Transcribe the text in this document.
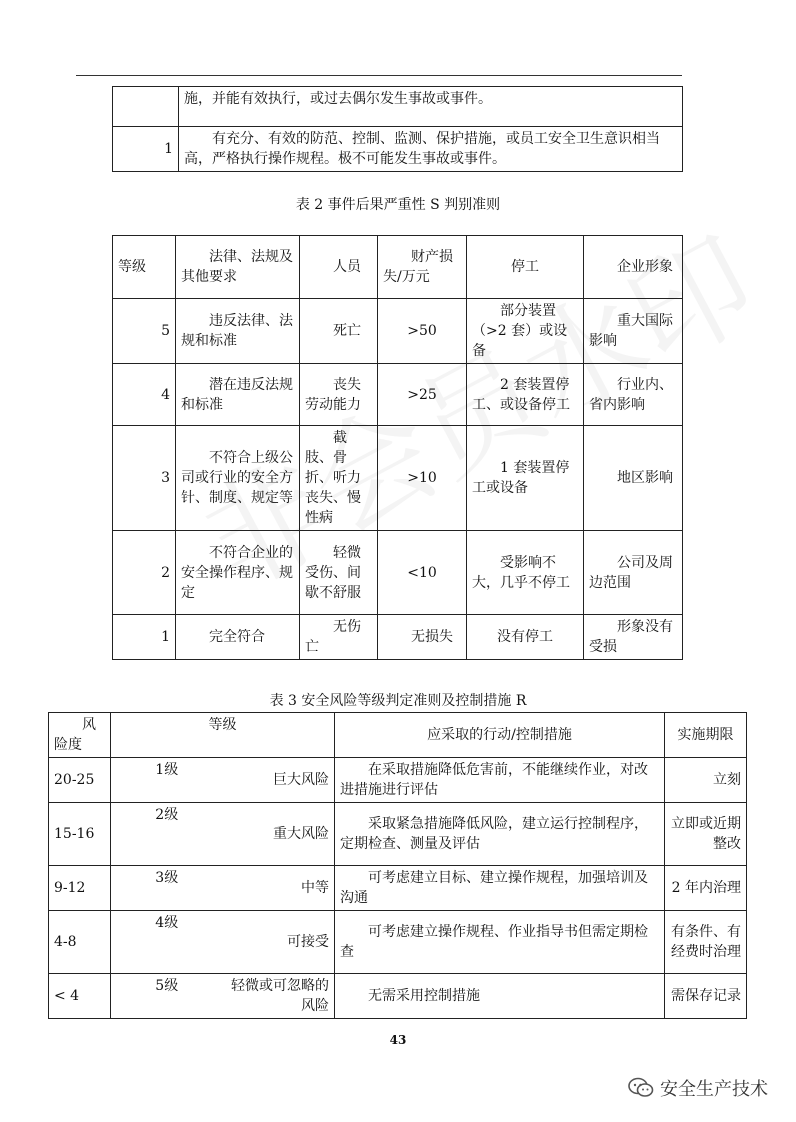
	施，并能有效执行，或过去偶尔发生事故或事件。
1	有充分、有效的防范、控制、监测、保护措施，或员工安全卫生意识相当高，严格执行操作规程。极不可能发生事故或事件。
表 2 事件后果严重性 S 判别准则
等级	法律、法规及其他要求	人员	财产损失/万元	停工	企业形象
5	违反法律、法规和标准	死亡	>50	部分装置（>2 套）或设备	重大国际影响
4	潜在违反法规和标准	丧失劳动能力	>25	2 套装置停工、或设备停工	行业内、省内影响
3	不符合上级公司或行业的安全方针、制度、规定等	截肢、骨折、听力丧失、慢性病	>10	1 套装置停工或设备	地区影响
2	不符合企业的安全操作程序、规定	轻微受伤、间歇不舒服	<10	受影响不大，几乎不停工	公司及周边范围
1	完全符合	无伤亡	无损失	没有停工	形象没有受损
表 3 安全风险等级判定准则及控制措施 R
风险度	等级		应采取的行动/控制措施	实施期限
20-25	1级	巨大风险	在采取措施降低危害前，不能继续作业，对改进措施进行评估	立刻
15-16	2级	重大风险	采取紧急措施降低风险，建立运行控制程序，定期检查、测量及评估	立即或近期整改
9-12	3级	中等	可考虑建立目标、建立操作规程，加强培训及沟通	2 年内治理
4-8	4级	可接受	可考虑建立操作规程、作业指导书但需定期检查	有条件、有经费时治理
< 4	5级	轻微或可忽略的风险	无需采用控制措施	需保存记录
43
安全生产技术
